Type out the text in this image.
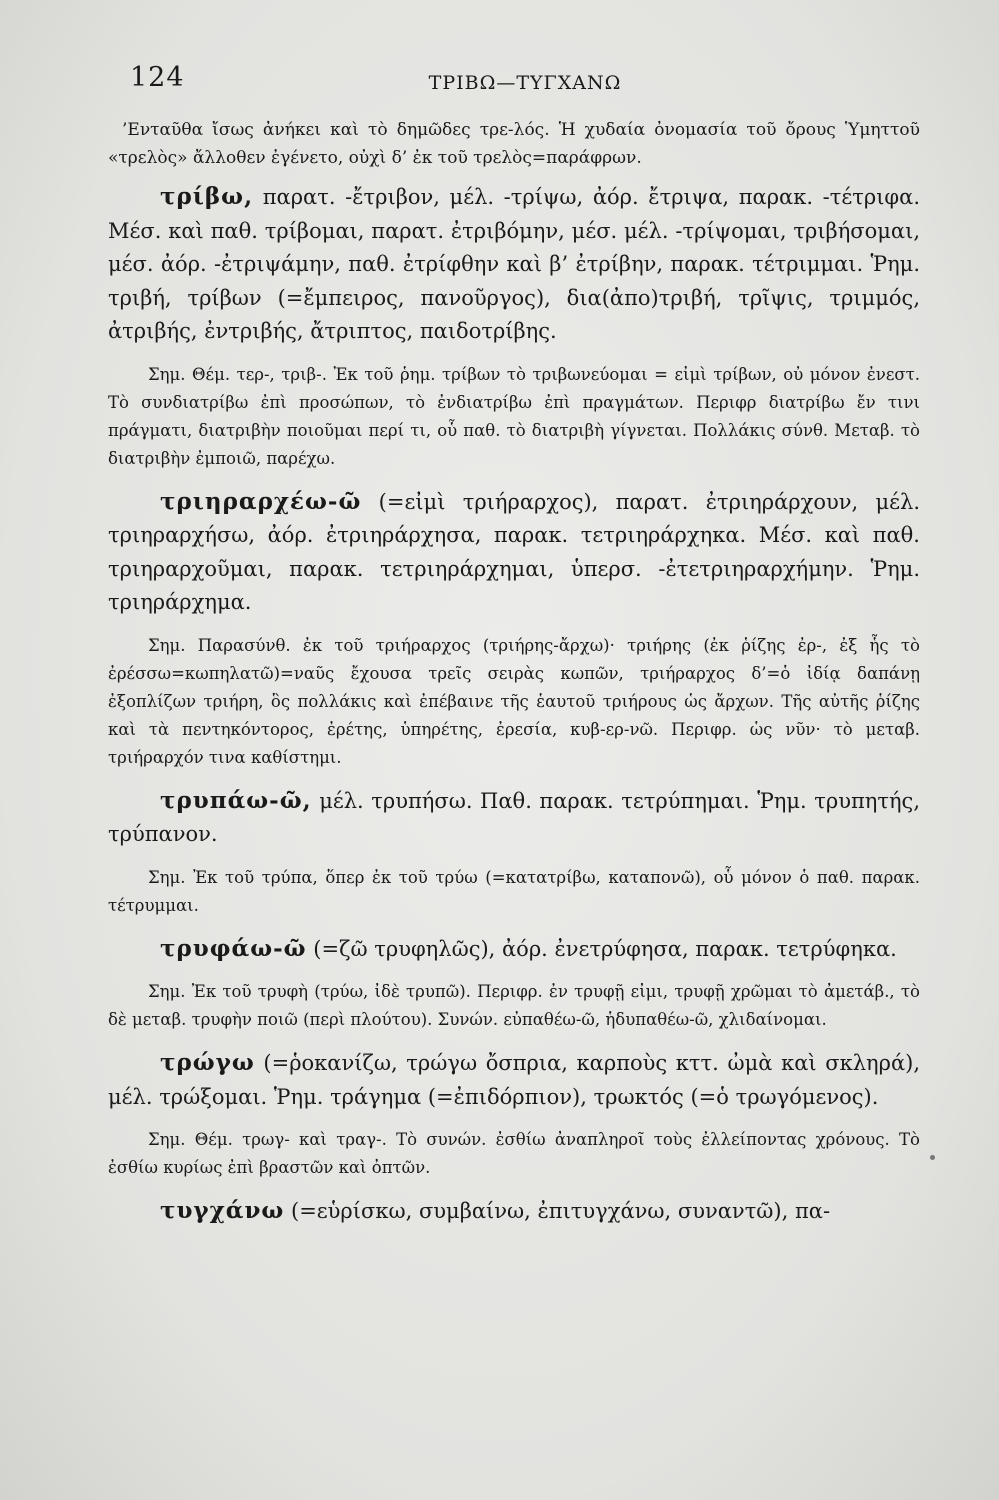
124	ΤΡΙΒΩ—ΤΥΓΧΑΝΩ

’Ενταῦθα ἴσως ἀνήκει καὶ τὸ δημῶδες τρε-λός. Ἡ χυδαία ὀνομασία τοῦ ὄρους Ὑμηττοῦ «τρελὸς» ἄλλοθεν ἐγένετο, οὐχὶ δ’ ἐκ τοῦ τρελὸς=παράφρων.

τρίβω, παρατ. -ἔτριβον, μέλ. -τρίψω, ἀόρ. ἔτριψα, παρακ. -τέτριφα. Μέσ. καὶ παθ. τρίβομαι, παρατ. ἐτριβόμην, μέσ. μέλ. -τρίψομαι, τριβήσομαι, μέσ. ἀόρ. -ἐτριψάμην, παθ. ἐτρίφθην καὶ β’ ἐτρίβην, παρακ. τέτριμμαι. Ῥημ. τριβή, τρίβων (=ἔμπειρος, πανοῦργος), δια(ἀπο)τριβή, τρῖψις, τριμμός, ἀτριβής, ἐντριβής, ἄτριπτος, παιδοτρίβης.

Σημ. Θέμ. τερ-, τριβ-. Ἐκ τοῦ ῥημ. τρίβων τὸ τριβωνεύομαι = εἰμὶ τρίβων, οὐ μόνον ἐνεστ. Τὸ συνδιατρίβω ἐπὶ προσώπων, τὸ ἐνδιατρίβω ἐπὶ πραγμάτων. Περιφρ διατρίβω ἔν τινι πράγματι, διατριβὴν ποιοῦμαι περί τι, οὗ παθ. τὸ διατριβὴ γίγνεται. Πολλάκις σύνθ. Μεταβ. τὸ διατριβὴν ἐμποιῶ, παρέχω.

τριηραρχέω-ῶ (=εἰμὶ τριήραρχος), παρατ. ἐτριηράρχουν, μέλ. τριηραρχήσω, ἀόρ. ἐτριηράρχησα, παρακ. τετριηράρχηκα. Μέσ. καὶ παθ. τριηραρχοῦμαι, παρακ. τετριηράρχημαι, ὑπερσ. -ἐτετριηραρχήμην. Ῥημ. τριηράρχημα.

Σημ. Παρασύνθ. ἐκ τοῦ τριήραρχος (τριήρης-ἄρχω)· τριήρης (ἐκ ῥίζης ἐρ-, ἐξ ἧς τὸ ἐρέσσω=κωπηλατῶ)=ναῦς ἔχουσα τρεῖς σειρὰς κωπῶν, τριήραρχος δ’=ὁ ἰδίᾳ δαπάνῃ ἐξοπλίζων τριήρη, ὃς πολλάκις καὶ ἐπέβαινε τῆς ἑαυτοῦ τριήρους ὡς ἄρχων. Τῆς αὐτῆς ῥίζης καὶ τὰ πεντηκόντορος, ἐρέτης, ὑπηρέτης, ἐρεσία, κυβ-ερ-νῶ. Περιφρ. ὡς νῦν· τὸ μεταβ. τριήραρχόν τινα καθίστημι.

τρυπάω-ῶ, μέλ. τρυπήσω. Παθ. παρακ. τετρύπημαι. Ῥημ. τρυπητής, τρύπανον.

Σημ. Ἐκ τοῦ τρύπα, ὅπερ ἐκ τοῦ τρύω (=κατατρίβω, καταπονῶ), οὗ μόνον ὁ παθ. παρακ. τέτρυμμαι.

τρυφάω-ῶ (=ζῶ τρυφηλῶς), ἀόρ. ἐνετρύφησα, παρακ. τετρύφηκα.

Σημ. Ἐκ τοῦ τρυφὴ (τρύω, ἰδὲ τρυπῶ). Περιφρ. ἐν τρυφῇ εἰμι, τρυφῇ χρῶμαι τὸ ἀμετάβ., τὸ δὲ μεταβ. τρυφὴν ποιῶ (περὶ πλούτου). Συνών. εὐπαθέω-ῶ, ἡδυπαθέω-ῶ, χλιδαίνομαι.

τρώγω (=ῥοκανίζω, τρώγω ὄσπρια, καρποὺς κττ. ὠμὰ καὶ σκληρά), μέλ. τρώξομαι. Ῥημ. τράγημα (=ἐπιδόρπιον), τρωκτός (=ὁ τρωγόμενος).

Σημ. Θέμ. τρωγ- καὶ τραγ-. Τὸ συνών. ἐσθίω ἀναπληροῖ τοὺς ἐλλείποντας χρόνους. Τὸ ἐσθίω κυρίως ἐπὶ βραστῶν καὶ ὀπτῶν.

τυγχάνω (=εὑρίσκω, συμβαίνω, ἐπιτυγχάνω, συναντῶ), πα-
